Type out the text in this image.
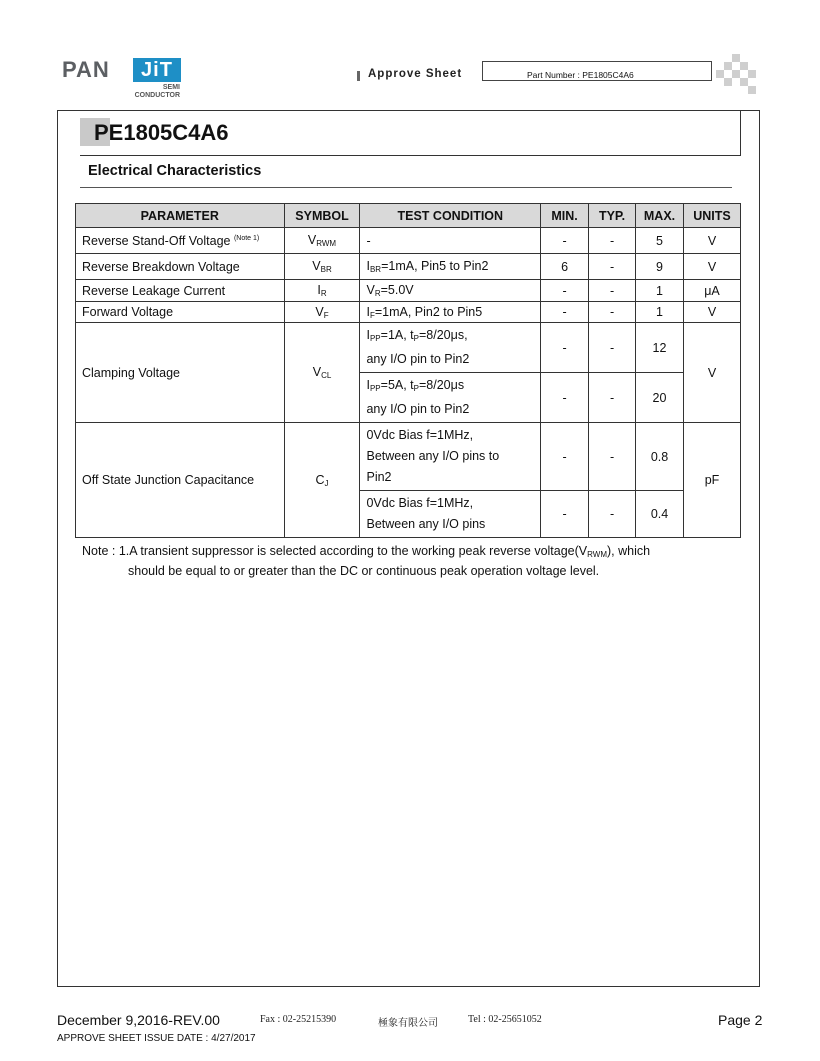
PAN	JiT
SEMI
CONDUCTOR
Approve Sheet	Part Number : PE1805C4A6
PE1805C4A6
Electrical Characteristics
PARAMETER	SYMBOL	TEST CONDITION	MIN.	TYP.	MAX.	UNITS
Reverse Stand-Off Voltage $^{(Note 1)}$	$V_{RWM}$	-	-	-	5	V
Reverse Breakdown Voltage	$V_{BR}$	$I_{BR}=1mA$, Pin5 to Pin2	6	-	9	V
Reverse Leakage Current	$I_R$	$V_R=5.0V$	-	-	1	μA
Forward Voltage	$V_F$	$I_F=1mA$, Pin2 to Pin5	-	-	1	V
Clamping Voltage	$V_{CL}$	$I_{PP}=1A$, $t_P=8/20\mu s$,
any I/O pin to Pin2	-	-	12	V
		$I_{PP}=5A$, $t_P=8/20\mu s$
any I/O pin to Pin2	-	-	20	
Off State Junction Capacitance	$C_J$	0Vdc Bias f=1MHz,
Between any I/O pins to
Pin2	-	-	0.8	pF
		0Vdc Bias f=1MHz,
Between any I/O pins	-	-	0.4	
Note : 1.A transient suppressor is selected according to the working peak reverse $voltage(V_{RWM})$, which
should be equal to or greater than the DC or continuous peak operation voltage level.
December 9,2016-REV.00	Fax : 02-25215390	極象有限公司	Tel : 02-25651052	Page 2
APPROVE SHEET ISSUE DATE : 4/27/2017
